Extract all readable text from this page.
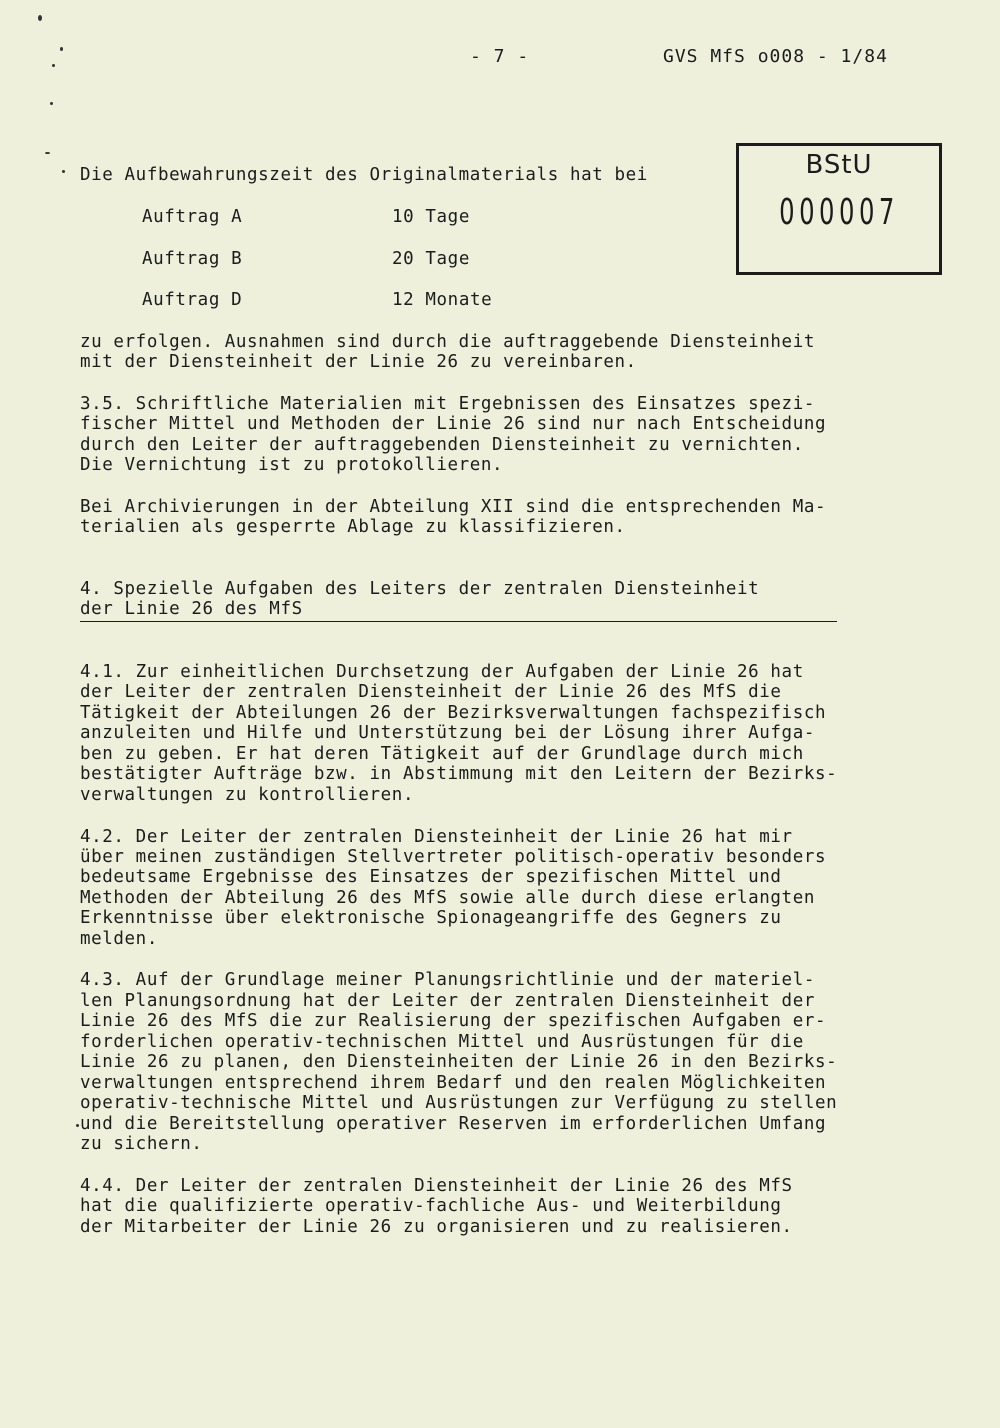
- 7 -	GVS MfS o008 - 1/84
BStU
000007
Die Aufbewahrungszeit des Originalmaterials hat bei
Auftrag A	10 Tage
Auftrag B	20 Tage
Auftrag D	12 Monate
zu erfolgen. Ausnahmen sind durch die auftraggebende Diensteinheit
mit der Diensteinheit der Linie 26 zu vereinbaren.
3.5. Schriftliche Materialien mit Ergebnissen des Einsatzes spezi-
fischer Mittel und Methoden der Linie 26 sind nur nach Entscheidung
durch den Leiter der auftraggebenden Diensteinheit zu vernichten.
Die Vernichtung ist zu protokollieren.
Bei Archivierungen in der Abteilung XII sind die entsprechenden Ma-
terialien als gesperrte Ablage zu klassifizieren.
4. Spezielle Aufgaben des Leiters der zentralen Diensteinheit
der Linie 26 des MfS
4.1. Zur einheitlichen Durchsetzung der Aufgaben der Linie 26 hat
der Leiter der zentralen Diensteinheit der Linie 26 des MfS die
Tätigkeit der Abteilungen 26 der Bezirksverwaltungen fachspezifisch
anzuleiten und Hilfe und Unterstützung bei der Lösung ihrer Aufga-
ben zu geben. Er hat deren Tätigkeit auf der Grundlage durch mich
bestätigter Aufträge bzw. in Abstimmung mit den Leitern der Bezirks-
verwaltungen zu kontrollieren.
4.2. Der Leiter der zentralen Diensteinheit der Linie 26 hat mir
über meinen zuständigen Stellvertreter politisch-operativ besonders
bedeutsame Ergebnisse des Einsatzes der spezifischen Mittel und
Methoden der Abteilung 26 des MfS sowie alle durch diese erlangten
Erkenntnisse über elektronische Spionageangriffe des Gegners zu
melden.
4.3. Auf der Grundlage meiner Planungsrichtlinie und der materiel-
len Planungsordnung hat der Leiter der zentralen Diensteinheit der
Linie 26 des MfS die zur Realisierung der spezifischen Aufgaben er-
forderlichen operativ-technischen Mittel und Ausrüstungen für die
Linie 26 zu planen, den Diensteinheiten der Linie 26 in den Bezirks-
verwaltungen entsprechend ihrem Bedarf und den realen Möglichkeiten
operativ-technische Mittel und Ausrüstungen zur Verfügung zu stellen
und die Bereitstellung operativer Reserven im erforderlichen Umfang
zu sichern.
4.4. Der Leiter der zentralen Diensteinheit der Linie 26 des MfS
hat die qualifizierte operativ-fachliche Aus- und Weiterbildung
der Mitarbeiter der Linie 26 zu organisieren und zu realisieren.
